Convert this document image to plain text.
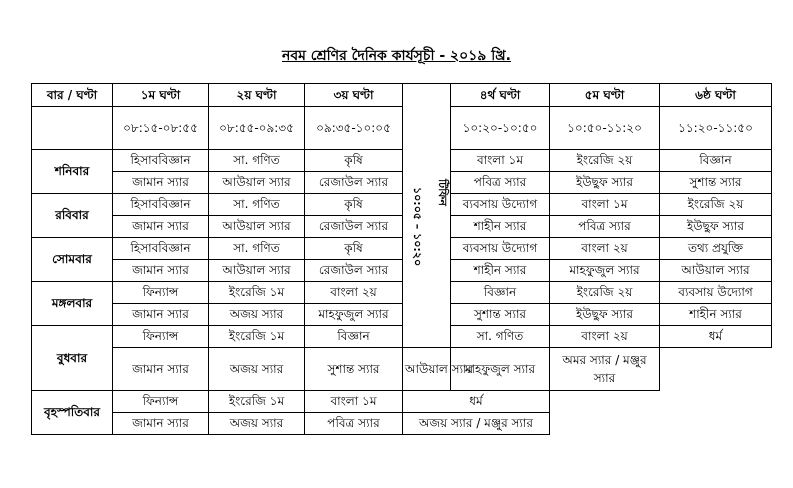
নবম শ্রেণির দৈনিক কার্যসূচী - ২০১৯ খ্রি.
বার / ঘণ্টা	১ম ঘণ্টা	২য় ঘণ্টা	৩য় ঘণ্টা	১০:০৫ – ১০:২০ টিফিন	৪র্থ ঘণ্টা	৫ম ঘণ্টা	৬ষ্ঠ ঘণ্টা
	০৮:১৫-০৮:৫৫	০৮:৫৫-০৯:৩৫	০৯:৩৫-১০:০৫		১০:২০-১০:৫০	১০:৫০-১১:২০	১১:২০-১১:৫০
শনিবার	হিসাববিজ্ঞান	সা. গণিত	কৃষি		বাংলা ১ম	ইংরেজি ২য়	বিজ্ঞান
	জামান স্যার	আউয়াল স্যার	রেজাউল স্যার		পবিত্র স্যার	ইউছুফ স্যার	সুশান্ত স্যার
রবিবার	হিসাববিজ্ঞান	সা. গণিত	কৃষি		ব্যবসায় উদ্যোগ	বাংলা ১ম	ইংরেজি ২য়
	জামান স্যার	আউয়াল স্যার	রেজাউল স্যার		শাহীন স্যার	পবিত্র স্যার	ইউছুফ স্যার
সোমবার	হিসাববিজ্ঞান	সা. গণিত	কৃষি		ব্যবসায় উদ্যোগ	বাংলা ২য়	তথ্য প্রযুক্তি
	জামান স্যার	আউয়াল স্যার	রেজাউল স্যার		শাহীন স্যার	মাহফুজুল স্যার	আউয়াল স্যার
মঙ্গলবার	ফিন্যান্স	ইংরেজি ১ম	বাংলা ২য়		বিজ্ঞান	ইংরেজি ২য়	ব্যবসায় উদ্যোগ
	জামান স্যার	অজয় স্যার	মাহফুজুল স্যার		সুশান্ত স্যার	ইউছুফ স্যার	শাহীন স্যার
বুধবার	ফিন্যান্স	ইংরেজি ১ম	বিজ্ঞান		সা. গণিত	বাংলা ২য়	ধর্ম
	জামান স্যার	অজয় স্যার	সুশান্ত স্যার	আউয়াল স্যার	মাহফুজুল স্যার	অমর স্যার / মঞ্জুর স্যার	
বৃহস্পতিবার	ফিন্যান্স	ইংরেজি ১ম	বাংলা ১ম	ধর্ম			
	জামান স্যার	অজয় স্যার	পবিত্র স্যার	অজয় স্যার / মঞ্জুর স্যার			
